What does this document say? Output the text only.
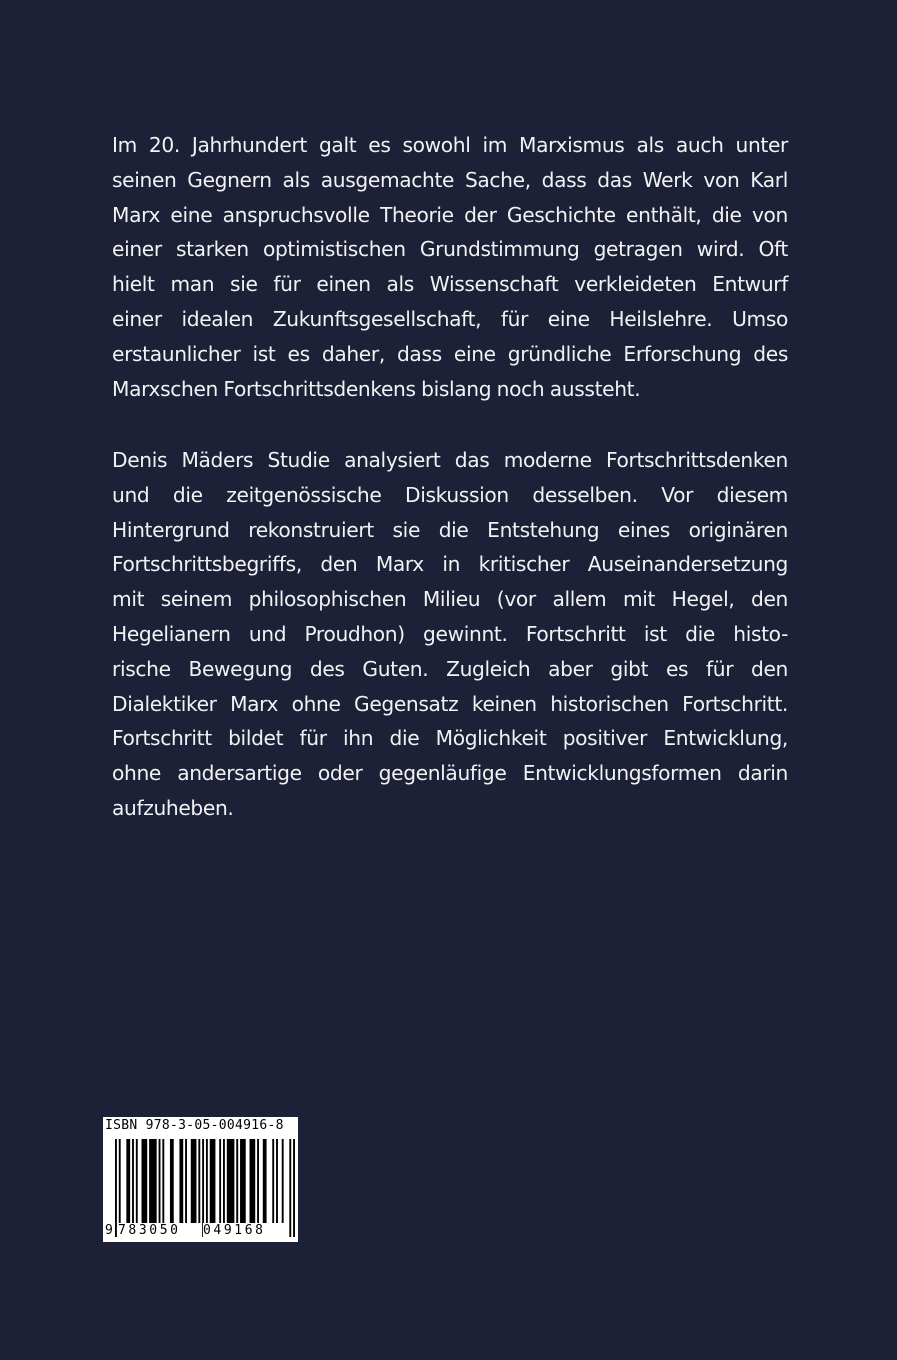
Im 20. Jahrhundert galt es sowohl im Marxismus als auch unter
seinen Gegnern als ausgemachte Sache, dass das Werk von Karl
Marx eine anspruchsvolle Theorie der Geschichte enthält, die von
einer starken optimistischen Grundstimmung getragen wird. Oft
hielt man sie für einen als Wissenschaft verkleideten Entwurf
einer idealen Zukunftsgesellschaft, für eine Heilslehre. Umso
erstaunlicher ist es daher, dass eine gründliche Erforschung des
Marxschen Fortschrittsdenkens bislang noch aussteht.
Denis Mäders Studie analysiert das moderne Fortschrittsdenken
und die zeitgenössische Diskussion desselben. Vor diesem
Hintergrund rekonstruiert sie die Entstehung eines originären
Fortschrittsbegriffs, den Marx in kritischer Auseinandersetzung
mit seinem philosophischen Milieu (vor allem mit Hegel, den
Hegelianern und Proudhon) gewinnt. Fortschritt ist die histo-
rische Bewegung des Guten. Zugleich aber gibt es für den
Dialektiker Marx ohne Gegensatz keinen historischen Fortschritt.
Fortschritt bildet für ihn die Möglichkeit positiver Entwicklung,
ohne andersartige oder gegenläufige Entwicklungsformen darin
aufzuheben.
ISBN 978-3-05-004916-8
9 783050 049168
